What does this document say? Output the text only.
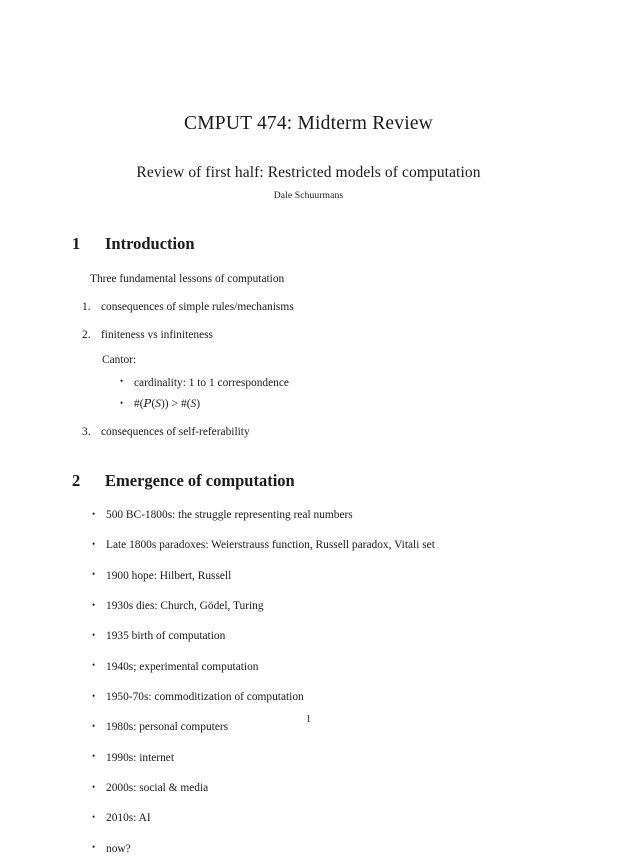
CMPUT 474: Midterm Review
Review of first half: Restricted models of computation
Dale Schuurmans
1	Introduction
Three fundamental lessons of computation
1. consequences of simple rules/mechanisms
2. finiteness vs infiniteness
Cantor:
• cardinality: 1 to 1 correspondence
• #(P(S)) > #(S)
3. consequences of self-referability
2	Emergence of computation
• 500 BC-1800s: the struggle representing real numbers
• Late 1800s paradoxes: Weierstrauss function, Russell paradox, Vitali set
• 1900 hope: Hilbert, Russell
• 1930s dies: Church, Gödel, Turing
• 1935 birth of computation
• 1940s; experimental computation
• 1950-70s: commoditization of computation
• 1980s: personal computers
• 1990s: internet
• 2000s: social & media
• 2010s: AI
• now?
1
